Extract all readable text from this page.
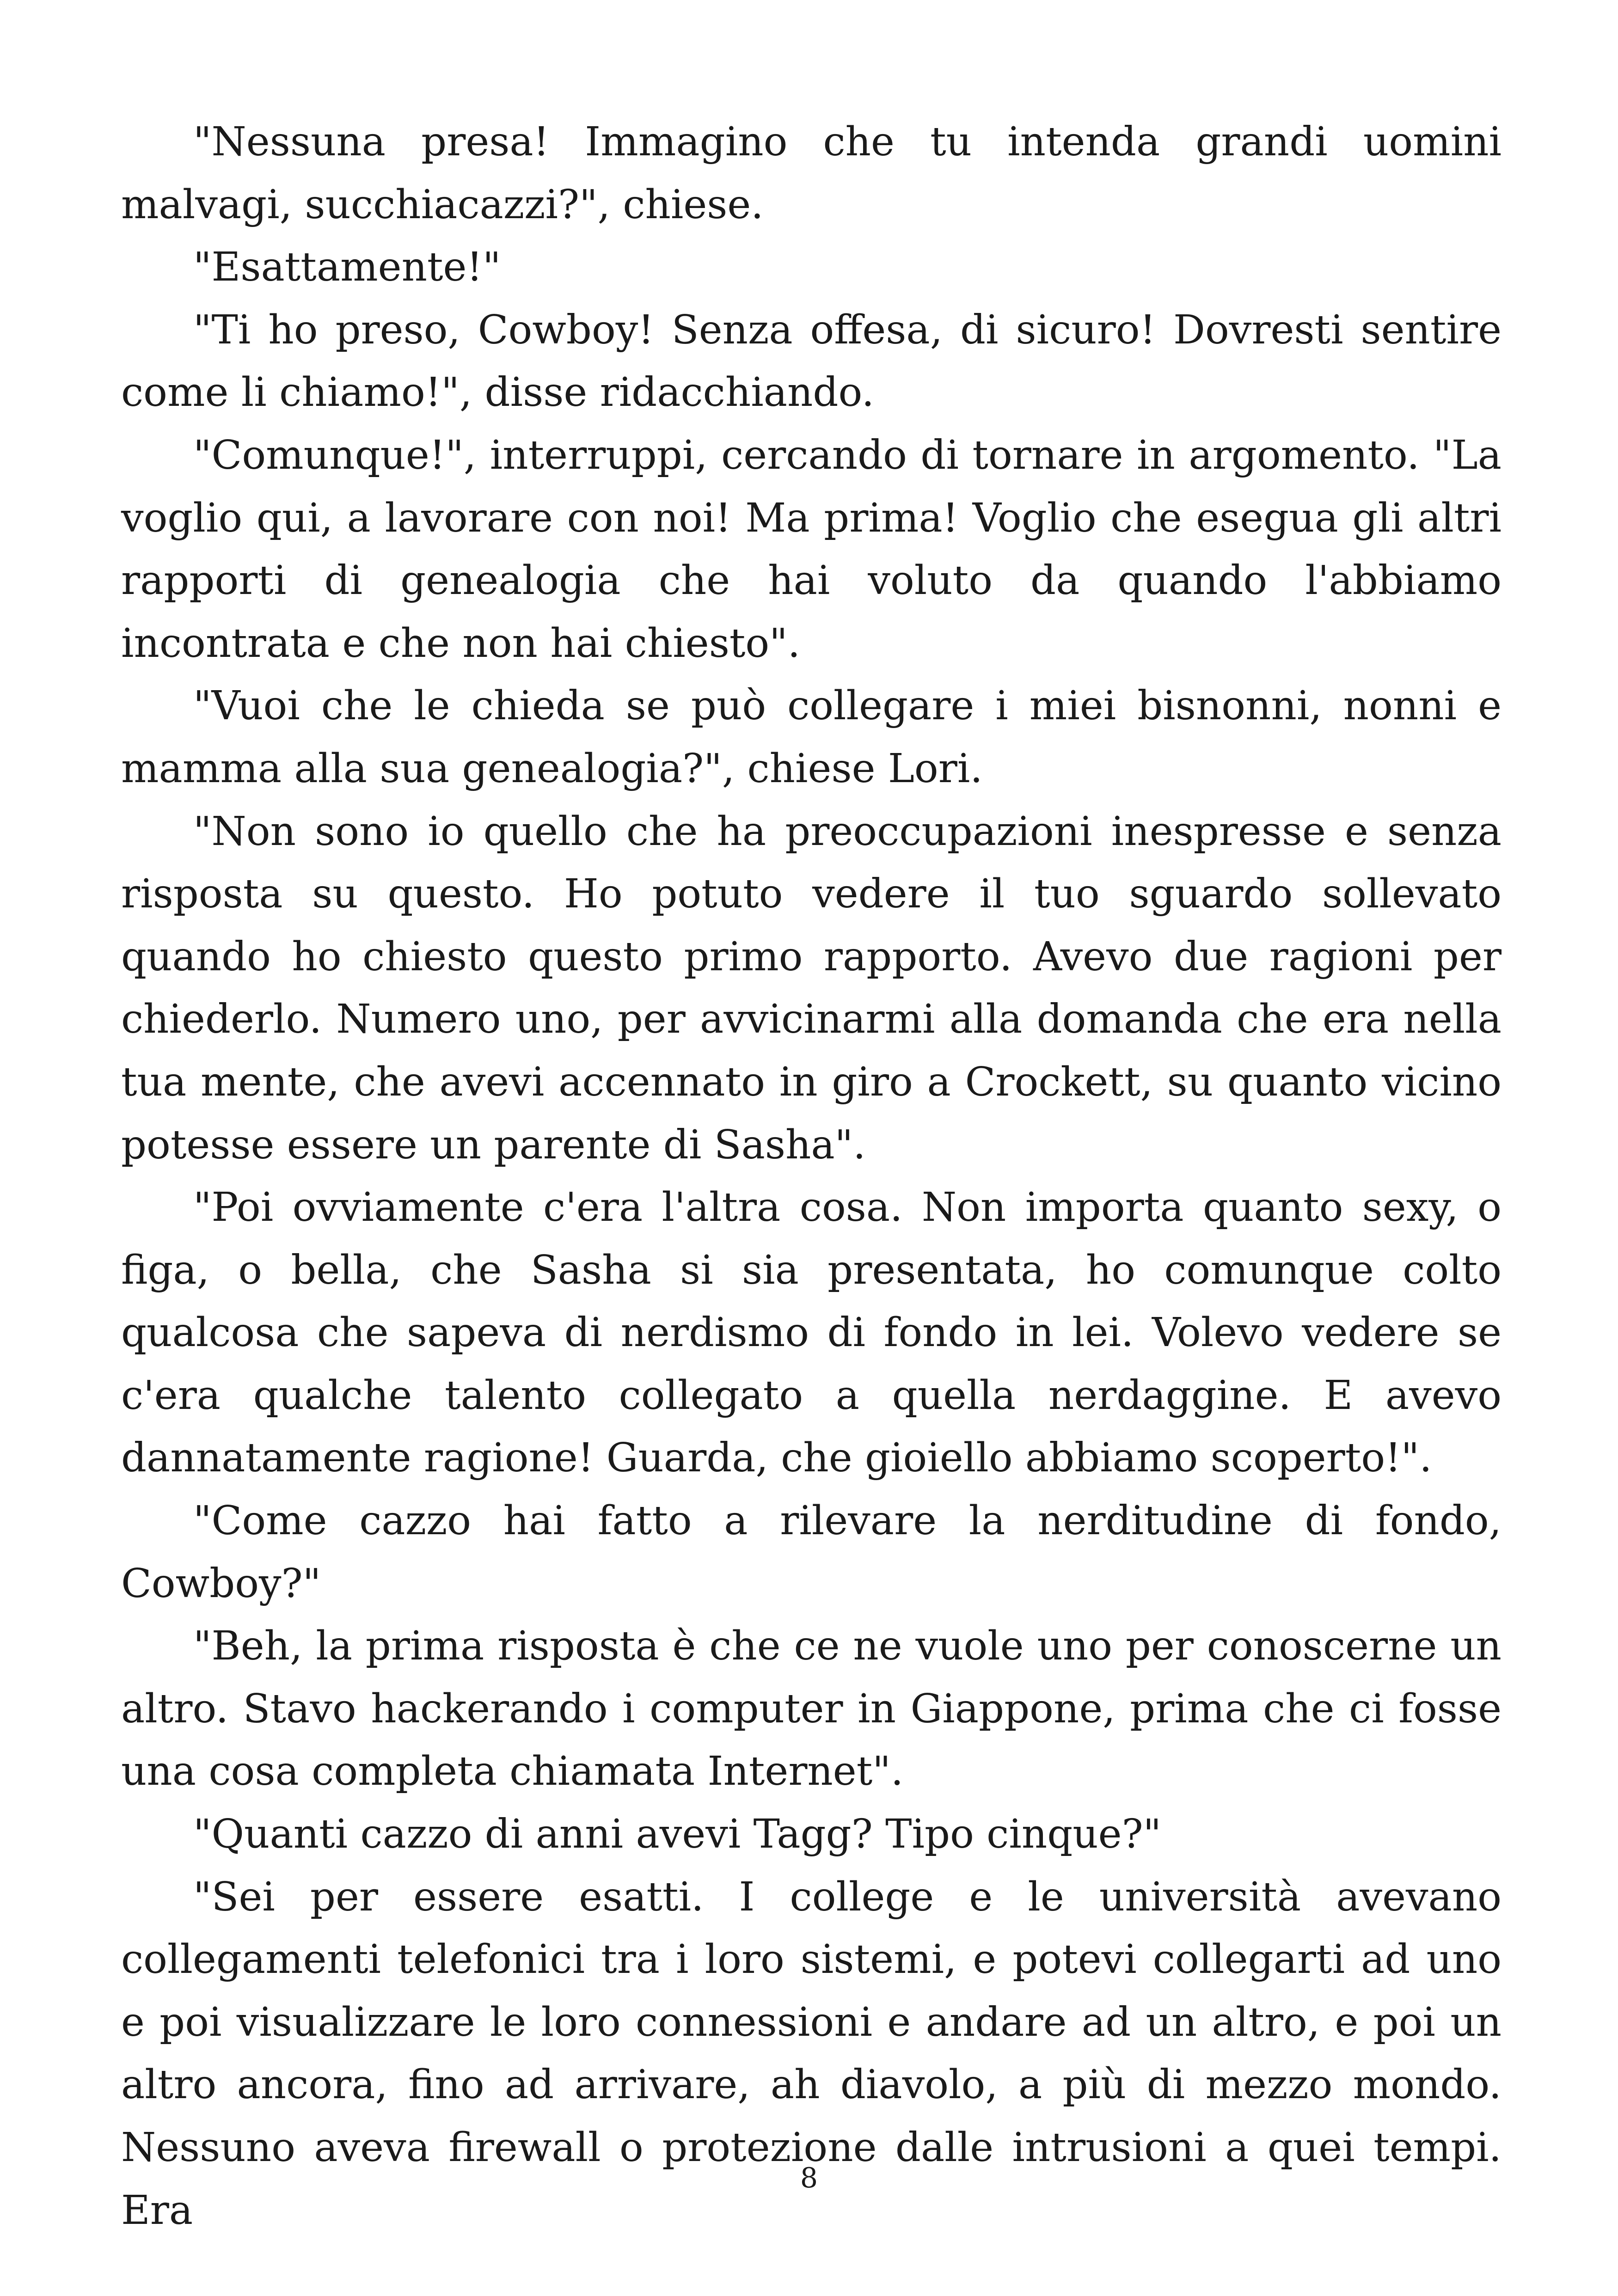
"Nessuna presa! Immagino che tu intenda grandi uomini malvagi, succhiacazzi?", chiese.

"Esattamente!"

"Ti ho preso, Cowboy! Senza offesa, di sicuro! Dovresti sentire come li chiamo!", disse ridacchiando.

"Comunque!", interruppi, cercando di tornare in argomento. "La voglio qui, a lavorare con noi! Ma prima! Voglio che esegua gli altri rapporti di genealogia che hai voluto da quando l'abbiamo incontrata e che non hai chiesto".

"Vuoi che le chieda se può collegare i miei bisnonni, nonni e mamma alla sua genealogia?", chiese Lori.

"Non sono io quello che ha preoccupazioni inespresse e senza risposta su questo. Ho potuto vedere il tuo sguardo sollevato quando ho chiesto questo primo rapporto. Avevo due ragioni per chiederlo. Numero uno, per avvicinarmi alla domanda che era nella tua mente, che avevi accennato in giro a Crockett, su quanto vicino potesse essere un parente di Sasha".

"Poi ovviamente c'era l'altra cosa. Non importa quanto sexy, o figa, o bella, che Sasha si sia presentata, ho comunque colto qualcosa che sapeva di nerdismo di fondo in lei. Volevo vedere se c'era qualche talento collegato a quella nerdaggine. E avevo dannatamente ragione! Guarda, che gioiello abbiamo scoperto!".

"Come cazzo hai fatto a rilevare la nerditudine di fondo, Cowboy?"

"Beh, la prima risposta è che ce ne vuole uno per conoscerne un altro. Stavo hackerando i computer in Giappone, prima che ci fosse una cosa completa chiamata Internet".

"Quanti cazzo di anni avevi Tagg? Tipo cinque?"

"Sei per essere esatti. I college e le università avevano collegamenti telefonici tra i loro sistemi, e potevi collegarti ad uno e poi visualizzare le loro connessioni e andare ad un altro, e poi un altro ancora, fino ad arrivare, ah diavolo, a più di mezzo mondo. Nessuno aveva firewall o protezione dalle intrusioni a quei tempi. Era

8
